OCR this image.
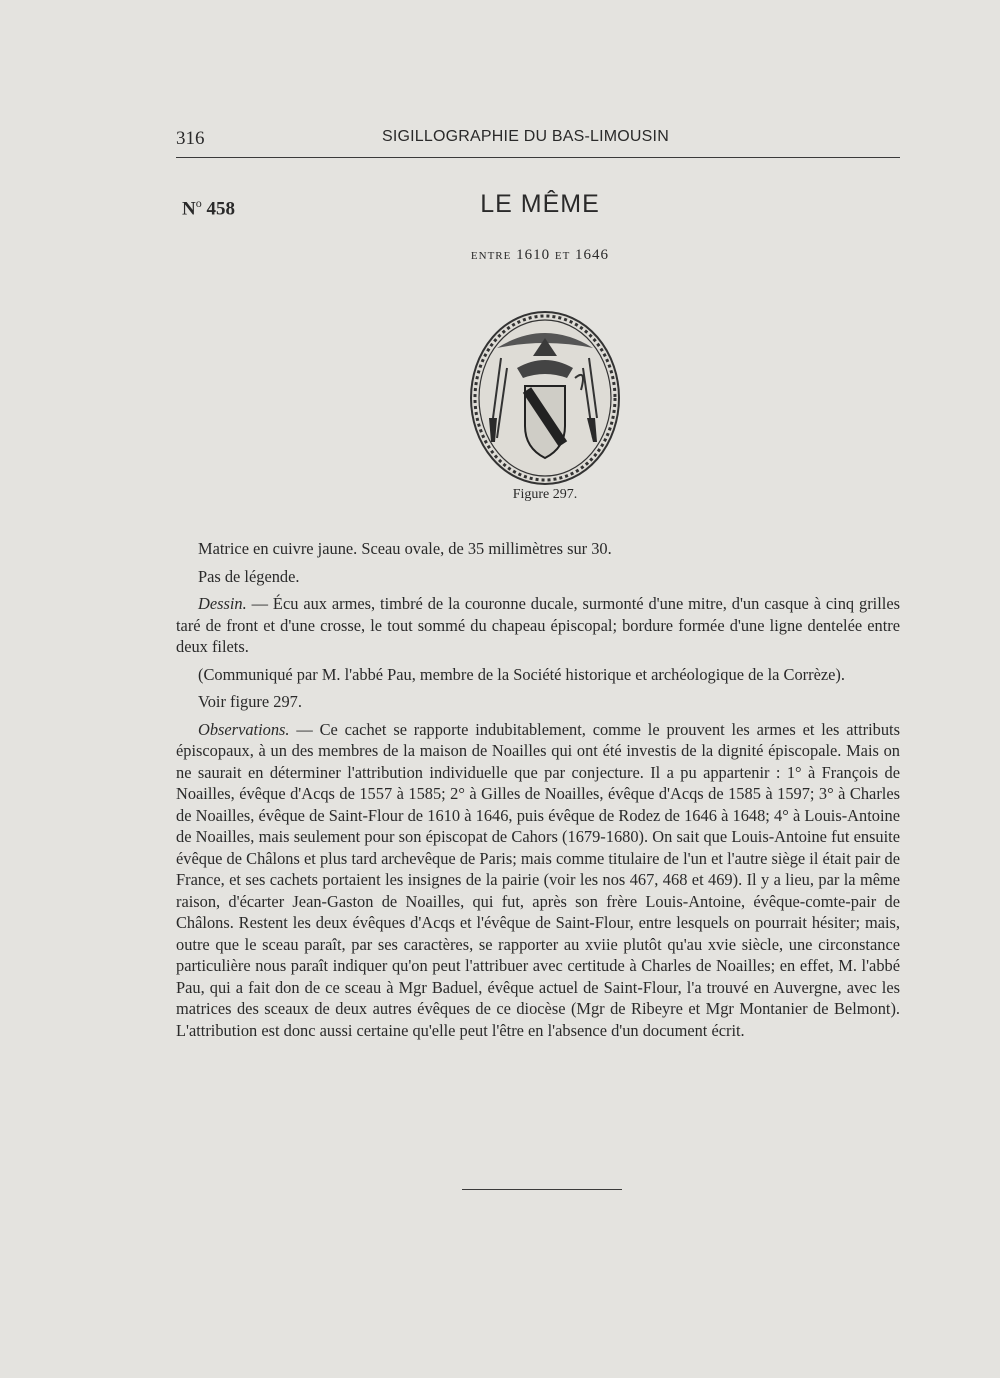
316	SIGILLOGRAPHIE DU BAS-LIMOUSIN
$N^o$ 458	LE MÊME
entre 1610 et 1646
Figure 297.

Matrice en cuivre jaune. Sceau ovale, de 35 millimètres sur 30.

Pas de légende.

Dessin. — Écu aux armes, timbré de la couronne ducale, surmonté d'une mitre, d'un casque à cinq grilles taré de front et d'une crosse, le tout sommé du chapeau épiscopal; bordure formée d'une ligne dentelée entre deux filets.

(Communiqué par M. l'abbé Pau, membre de la Société historique et archéologique de la Corrèze).

Voir figure 297.

Observations. — Ce cachet se rapporte indubitablement, comme le prouvent les armes et les attributs épiscopaux, à un des membres de la maison de Noailles qui ont été investis de la dignité épiscopale. Mais on ne saurait en déterminer l'attribution individuelle que par conjecture. Il a pu appartenir : 1° à François de Noailles, évêque d'Acqs de 1557 à 1585; 2° à Gilles de Noailles, évêque d'Acqs de 1585 à 1597; 3° à Charles de Noailles, évêque de Saint-Flour de 1610 à 1646, puis évêque de Rodez de 1646 à 1648; 4° à Louis-Antoine de Noailles, mais seulement pour son épiscopat de Cahors (1679-1680). On sait que Louis-Antoine fut ensuite évêque de Châlons et plus tard archevêque de Paris; mais comme titulaire de l'un et l'autre siège il était pair de France, et ses cachets portaient les insignes de la pairie (voir les nos 467, 468 et 469). Il y a lieu, par la même raison, d'écarter Jean-Gaston de Noailles, qui fut, après son frère Louis-Antoine, évêque-comte-pair de Châlons. Restent les deux évêques d'Acqs et l'évêque de Saint-Flour, entre lesquels on pourrait hésiter; mais, outre que le sceau paraît, par ses caractères, se rapporter au xviie plutôt qu'au xvie siècle, une circonstance particulière nous paraît indiquer qu'on peut l'attribuer avec certitude à Charles de Noailles; en effet, M. l'abbé Pau, qui a fait don de ce sceau à Mgr Baduel, évêque actuel de Saint-Flour, l'a trouvé en Auvergne, avec les matrices des sceaux de deux autres évêques de ce diocèse (Mgr de Ribeyre et Mgr Montanier de Belmont). L'attribution est donc aussi certaine qu'elle peut l'être en l'absence d'un document écrit.
